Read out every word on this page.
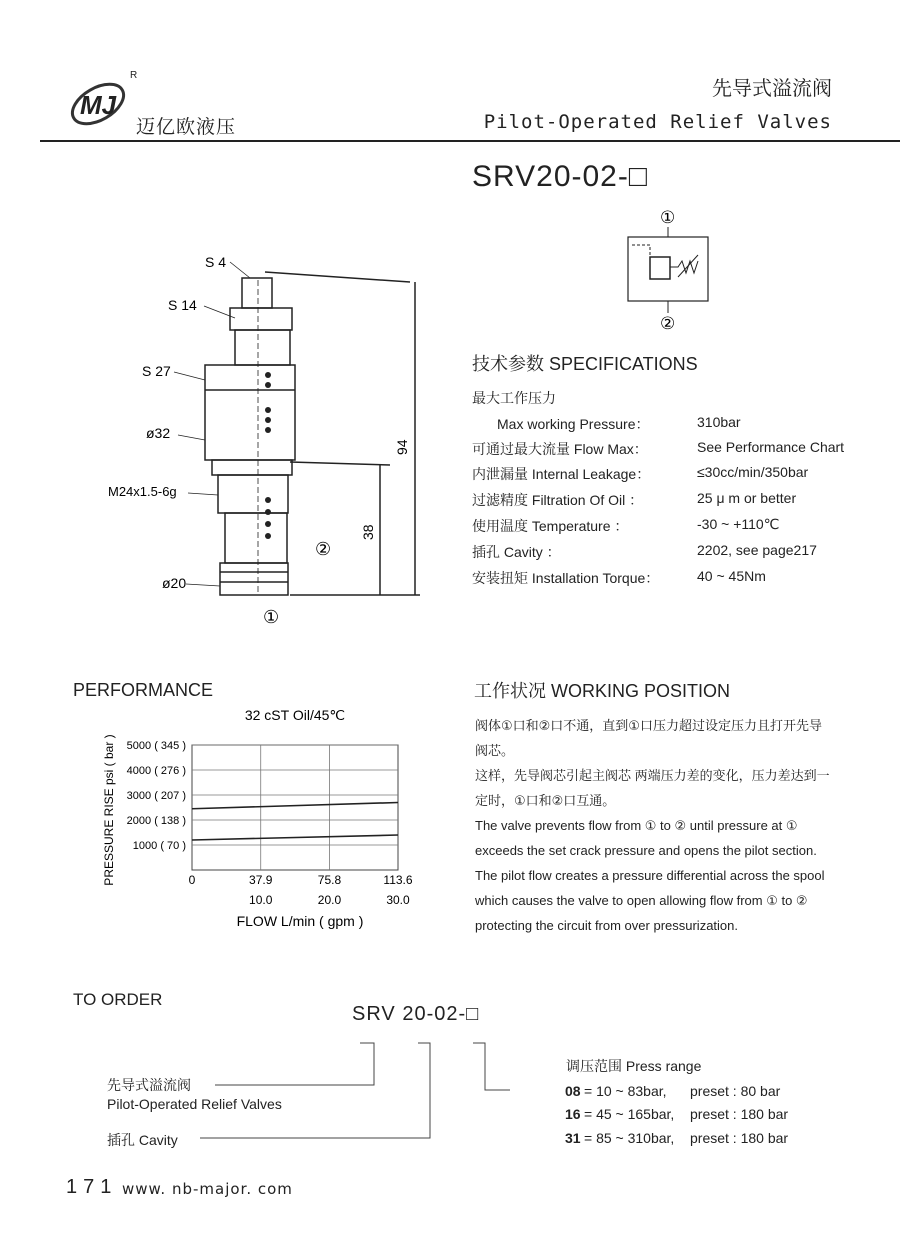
MJ
R
迈亿欧液压
先导式溢流阀
Pilot-Operated Relief Valves
SRV20-02-□
S 4
S 14
S 27
ø32
M24x1.5-6g
ø20
94
38
②
①
①
②
技术参数 SPECIFICATIONS
最大工作压力
Max working Pressure：	310bar
可通过最大流量 Flow Max：	See Performance Chart
内泄漏量 Internal Leakage：	≤30cc/min/350bar
过滤精度 Filtration Of Oil ：	25 μ m or better
使用温度 Temperature ：	-30 ~ +110℃
插孔 Cavity ：	2202, see page217
安装扭矩 Installation Torque：	40 ~ 45Nm
PERFORMANCE
32 cST Oil/45℃
PRESSURE RISE psi ( bar )
FLOW L/min ( gpm )
1000 ( 70 )
2000 ( 138 )
3000 ( 207 )
4000 ( 276 )
5000 ( 345 )
0	37.9
10.0
75.8
20.0
113.6
30.0
工作状况 WORKING POSITION
阀体①口和②口不通，直到①口压力超过设定压力且打开先导
阀芯。
这样，先导阀芯引起主阀芯 两端压力差的变化，压力差达到一
定时，①口和②口互通。
The valve prevents flow from ① to ② until pressure at ①
exceeds the set crack pressure and opens the pilot section.
The pilot flow creates a pressure differential across the spool
which causes the valve to open allowing flow from ① to ②
protecting the circuit from over pressurization.
TO ORDER
SRV 20-02-□
先导式溢流阀
Pilot-Operated Relief Valves
插孔 Cavity
调压范围 Press range
08 = 10 ~ 83bar, preset : 80 bar
16 = 45 ~ 165bar, preset : 180 bar
31 = 85 ~ 310bar, preset : 180 bar
171 www. nb-major. com
